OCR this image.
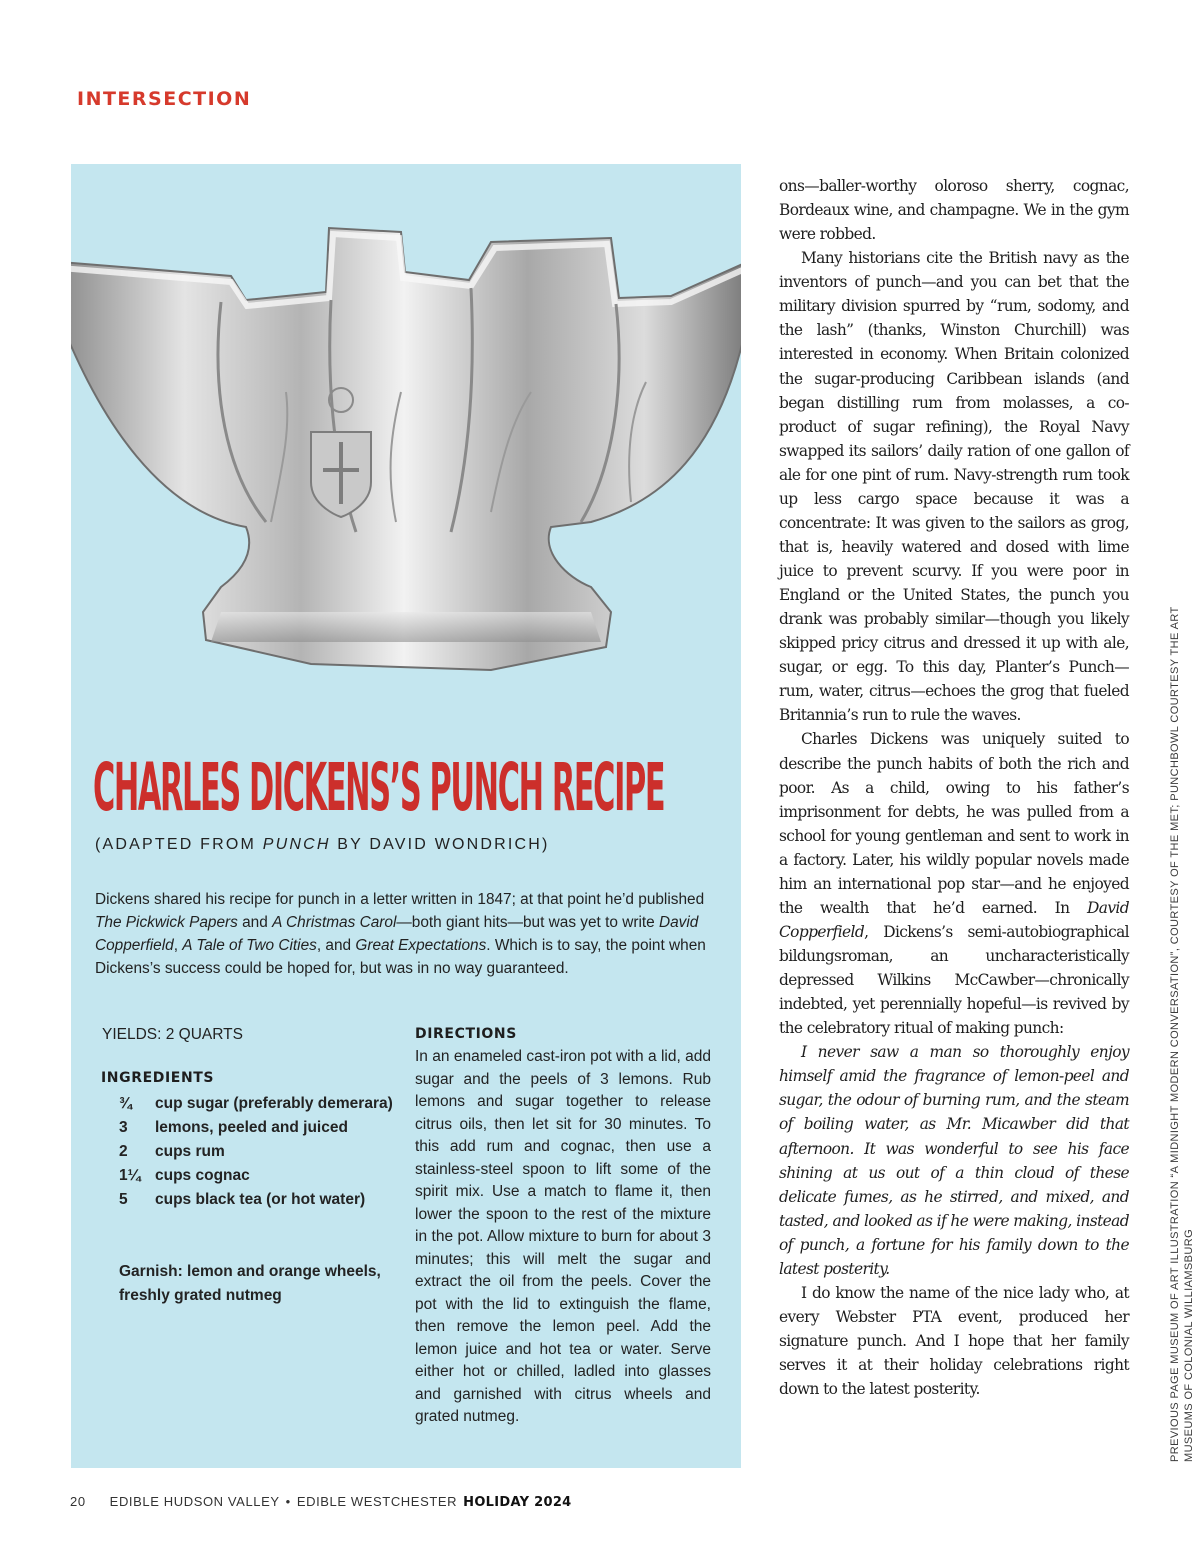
INTERSECTION
CHARLES DICKENS’S PUNCH RECIPE
(ADAPTED FROM PUNCH BY DAVID WONDRICH)

Dickens shared his recipe for punch in a letter written in 1847; at that point he’d published The Pickwick Papers and A Christmas Carol—both giant hits—but was yet to write David Copperfield, A Tale of Two Cities, and Great Expectations. Which is to say, the point when Dickens’s success could be hoped for, but was in no way guaranteed.

YIELDS: 2 QUARTS
INGREDIENTS
¾	cup sugar (preferably demerara)
3	lemons, peeled and juiced
2	cups rum
1¼ cups cognac
5	cups black tea (or hot water)
Garnish: lemon and orange wheels, freshly grated nutmeg
DIRECTIONS

In an enameled cast-iron pot with a lid, add sugar and the peels of 3 lemons. Rub lemons and sugar together to release citrus oils, then let sit for 30 minutes. To this add rum and cognac, then use a stainless-steel spoon to lift some of the spirit mix. Use a match to flame it, then lower the spoon to the rest of the mixture in the pot. Allow mixture to burn for about 3 minutes; this will melt the sugar and extract the oil from the peels. Cover the pot with the lid to extinguish the flame, then remove the lemon peel. Add the lemon juice and hot tea or water. Serve either hot or chilled, ladled into glasses and garnished with citrus wheels and grated nutmeg.

ons—baller-worthy oloroso sherry, cognac, Bordeaux wine, and champagne. We in the gym were robbed.

Many historians cite the British navy as the inventors of punch—and you can bet that the military division spurred by “rum, sodomy, and the lash” (thanks, Winston Churchill) was interested in economy. When Britain colonized the sugar-producing Caribbean islands (and began distilling rum from molasses, a co-product of sugar refining), the Royal Navy swapped its sailors’ daily ration of one gallon of ale for one pint of rum. Navy-strength rum took up less cargo space because it was a concentrate: It was given to the sailors as grog, that is, heavily watered and dosed with lime juice to prevent scurvy. If you were poor in England or the United States, the punch you drank was probably similar—though you likely skipped pricy citrus and dressed it up with ale, sugar, or egg. To this day, Planter’s Punch—rum, water, citrus—echoes the grog that fueled Britannia’s run to rule the waves.

Charles Dickens was uniquely suited to describe the punch habits of both the rich and poor. As a child, owing to his father’s imprisonment for debts, he was pulled from a school for young gentleman and sent to work in a factory. Later, his wildly popular novels made him an international pop star—and he enjoyed the wealth that he’d earned. In David Copperfield, Dickens’s semi-autobiographical bildungsroman, an uncharacteristically depressed Wilkins McCawber—chronically indebted, yet perennially hopeful—is revived by the celebratory ritual of making punch:

I never saw a man so thoroughly enjoy himself amid the fragrance of lemon-peel and sugar, the odour of burning rum, and the steam of boiling water, as Mr. Micawber did that afternoon. It was wonderful to see his face shining at us out of a thin cloud of these delicate fumes, as he stirred, and mixed, and tasted, and looked as if he were making, instead of punch, a fortune for his family down to the latest posterity.

I do know the name of the nice lady who, at every Webster PTA event, produced her signature punch. And I hope that her family serves it at their holiday celebrations right down to the latest posterity.	PREVIOUS PAGE MUSEUM OF ART ILLUSTRATION “A MIDNIGHT MODERN CONVERSATION”, COURTESY OF THE MET; PUNCHBOWL COURTESY THE ART MUSEUMS OF COLONIAL WILLIAMSBURG
20 EDIBLE HUDSON VALLEY • EDIBLE WESTCHESTER HOLIDAY 2024
